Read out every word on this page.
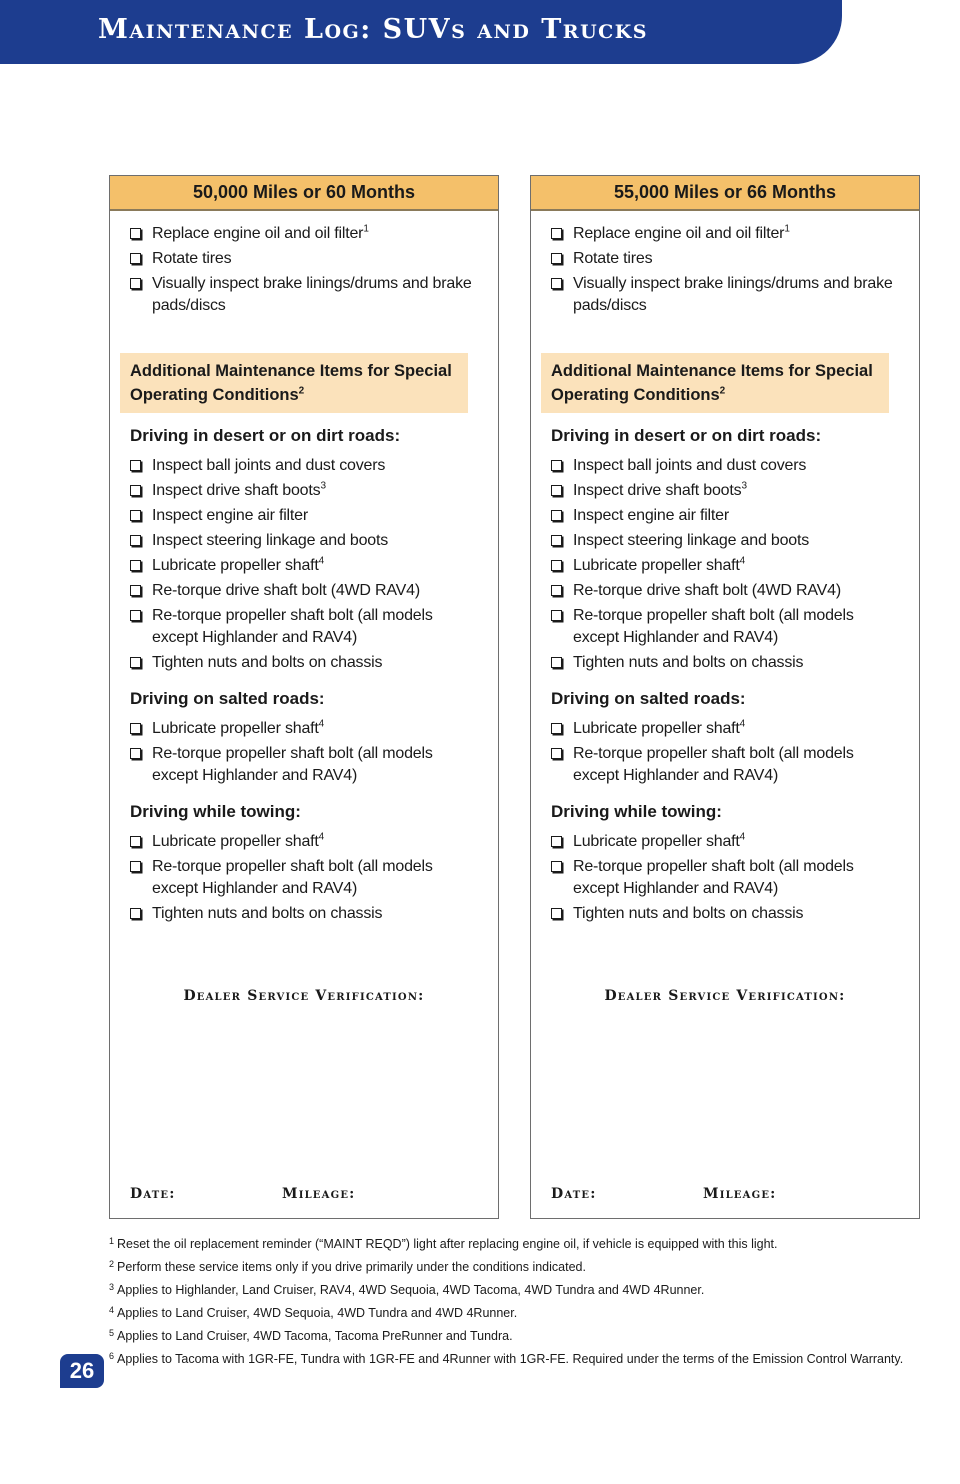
Maintenance Log: SUVs and Trucks
50,000 Miles or 60 Months
Replace engine oil and oil filter$^1$
Rotate tires
Visually inspect brake linings/drums and brake pads/discs
Additional Maintenance Items for Special Operating Conditions$^2$
Driving in desert or on dirt roads:
Inspect ball joints and dust covers
Inspect drive shaft boots$^3$
Inspect engine air filter
Inspect steering linkage and boots
Lubricate propeller shaft$^4$
Re-torque drive shaft bolt (4WD RAV4)
Re-torque propeller shaft bolt (all models except Highlander and RAV4)
Tighten nuts and bolts on chassis
Driving on salted roads:
Lubricate propeller shaft$^4$
Re-torque propeller shaft bolt (all models except Highlander and RAV4)
Driving while towing:
Lubricate propeller shaft$^4$
Re-torque propeller shaft bolt (all models except Highlander and RAV4)
Tighten nuts and bolts on chassis
Dealer Service Verification:
Date:	Mileage:
55,000 Miles or 66 Months
Replace engine oil and oil filter$^1$
Rotate tires
Visually inspect brake linings/drums and brake pads/discs
Additional Maintenance Items for Special Operating Conditions$^2$
Driving in desert or on dirt roads:
Inspect ball joints and dust covers
Inspect drive shaft boots$^3$
Inspect engine air filter
Inspect steering linkage and boots
Lubricate propeller shaft$^4$
Re-torque drive shaft bolt (4WD RAV4)
Re-torque propeller shaft bolt (all models except Highlander and RAV4)
Tighten nuts and bolts on chassis
Driving on salted roads:
Lubricate propeller shaft$^4$
Re-torque propeller shaft bolt (all models except Highlander and RAV4)
Driving while towing:
Lubricate propeller shaft$^4$
Re-torque propeller shaft bolt (all models except Highlander and RAV4)
Tighten nuts and bolts on chassis
Dealer Service Verification:
Date:	Mileage:
1 Reset the oil replacement reminder (“MAINT REQD”) light after replacing engine oil, if vehicle is equipped with this light.
2 Perform these service items only if you drive primarily under the conditions indicated.
3 Applies to Highlander, Land Cruiser, RAV4, 4WD Sequoia, 4WD Tacoma, 4WD Tundra and 4WD 4Runner.
4 Applies to Land Cruiser, 4WD Sequoia, 4WD Tundra and 4WD 4Runner.
5 Applies to Land Cruiser, 4WD Tacoma, Tacoma PreRunner and Tundra.
6 Applies to Tacoma with 1GR-FE, Tundra with 1GR-FE and 4Runner with 1GR-FE. Required under the terms of the Emission Control Warranty.
26
